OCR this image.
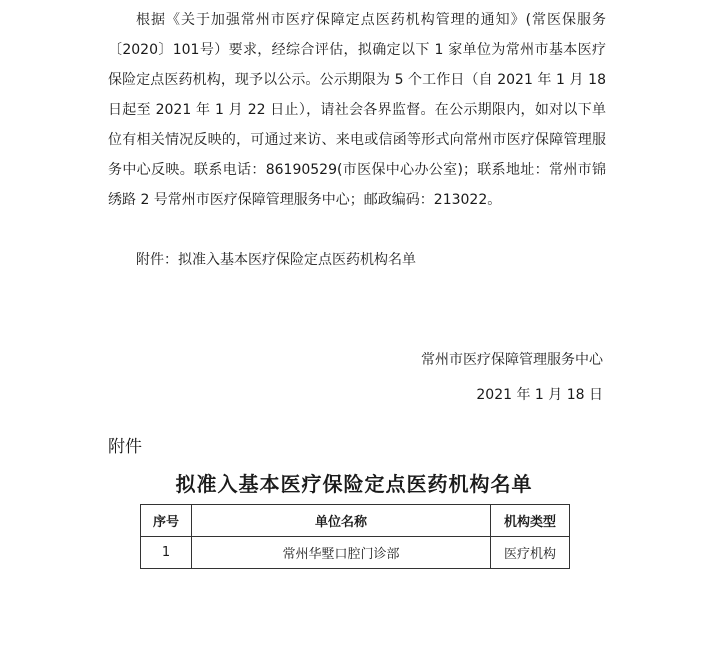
根据《关于加强常州市医疗保障定点医药机构管理的通知》(常医保服务〔2020〕101号）要求，经综合评估，拟确定以下 1 家单位为常州市基本医疗保险定点医药机构，现予以公示。公示期限为 5 个工作日（自 2021 年 1 月 18 日起至 2021 年 1 月 22 日止），请社会各界监督。在公示期限内，如对以下单位有相关情况反映的，可通过来访、来电或信函等形式向常州市医疗保障管理服务中心反映。联系电话：86190529(市医保中心办公室)；联系地址：常州市锦绣路 2 号常州市医疗保障管理服务中心；邮政编码：213022。

附件：拟准入基本医疗保险定点医药机构名单

常州市医疗保障管理服务中心
2021 年 1 月 18 日
附件
拟准入基本医疗保险定点医药机构名单
序号	单位名称	机构类型
1	常州华墅口腔门诊部	医疗机构
